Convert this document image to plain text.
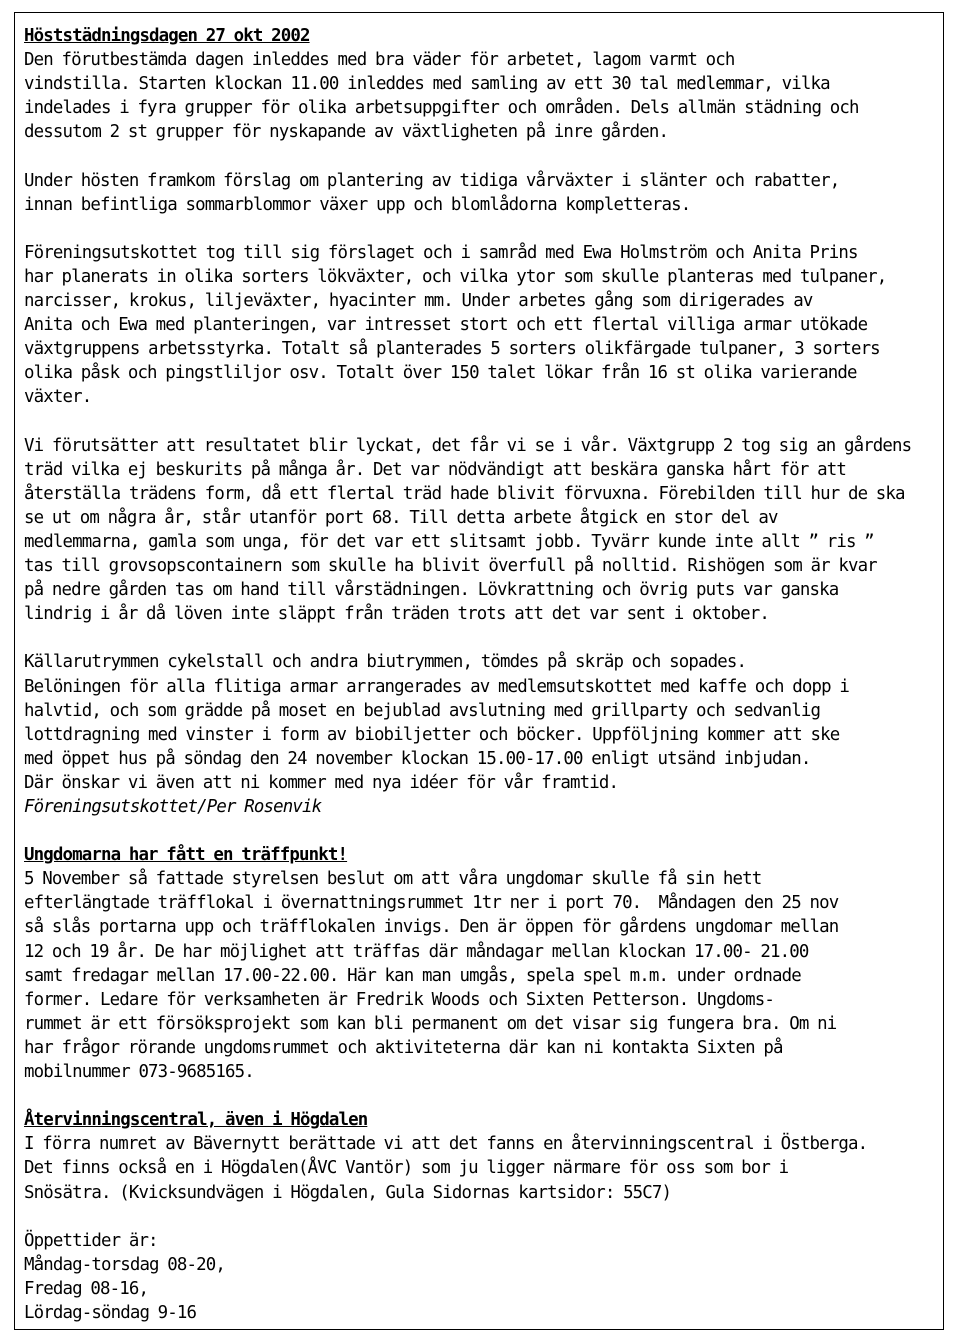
Höststädningsdagen 27 okt 2002
Den förutbestämda dagen inleddes med bra väder för arbetet, lagom varmt och
vindstilla. Starten klockan 11.00 inleddes med samling av ett 30 tal medlemmar, vilka
indelades i fyra grupper för olika arbetsuppgifter och områden. Dels allmän städning och
dessutom 2 st grupper för nyskapande av växtligheten på inre gården.
Under hösten framkom förslag om plantering av tidiga vårväxter i slänter och rabatter,
innan befintliga sommarblommor växer upp och blomlådorna kompletteras.
Föreningsutskottet tog till sig förslaget och i samråd med Ewa Holmström och Anita Prins
har planerats in olika sorters lökväxter, och vilka ytor som skulle planteras med tulpaner,
narcisser, krokus, liljeväxter, hyacinter mm. Under arbetes gång som dirigerades av
Anita och Ewa med planteringen, var intresset stort och ett flertal villiga armar utökade
växtgruppens arbetsstyrka. Totalt så planterades 5 sorters olikfärgade tulpaner, 3 sorters
olika påsk och pingstliljor osv. Totalt över 150 talet lökar från 16 st olika varierande
växter.
Vi förutsätter att resultatet blir lyckat, det får vi se i vår. Växtgrupp 2 tog sig an gårdens
träd vilka ej beskurits på många år. Det var nödvändigt att beskära ganska hårt för att
återställa trädens form, då ett flertal träd hade blivit förvuxna. Förebilden till hur de ska
se ut om några år, står utanför port 68. Till detta arbete åtgick en stor del av
medlemmarna, gamla som unga, för det var ett slitsamt jobb. Tyvärr kunde inte allt ” ris ”
tas till grovsopscontainern som skulle ha blivit överfull på nolltid. Rishögen som är kvar
på nedre gården tas om hand till vårstädningen. Lövkrattning och övrig puts var ganska
lindrig i år då löven inte släppt från träden trots att det var sent i oktober.
Källarutrymmen cykelstall och andra biutrymmen, tömdes på skräp och sopades.
Belöningen för alla flitiga armar arrangerades av medlemsutskottet med kaffe och dopp i
halvtid, och som grädde på moset en bejublad avslutning med grillparty och sedvanlig
lottdragning med vinster i form av biobiljetter och böcker. Uppföljning kommer att ske
med öppet hus på söndag den 24 november klockan 15.00-17.00 enligt utsänd inbjudan.
Där önskar vi även att ni kommer med nya idéer för vår framtid.
Föreningsutskottet/Per Rosenvik
Ungdomarna har fått en träffpunkt!
5 November så fattade styrelsen beslut om att våra ungdomar skulle få sin hett
efterlängtade träfflokal i övernattningsrummet 1tr ner i port 70.  Måndagen den 25 nov
så slås portarna upp och träfflokalen invigs. Den är öppen för gårdens ungdomar mellan
12 och 19 år. De har möjlighet att träffas där måndagar mellan klockan 17.00- 21.00
samt fredagar mellan 17.00-22.00. Här kan man umgås, spela spel m.m. under ordnade
former. Ledare för verksamheten är Fredrik Woods och Sixten Petterson. Ungdoms-
rummet är ett försöksprojekt som kan bli permanent om det visar sig fungera bra. Om ni
har frågor rörande ungdomsrummet och aktiviteterna där kan ni kontakta Sixten på
mobilnummer 073-9685165.
Återvinningscentral, även i Högdalen
I förra numret av Bävernytt berättade vi att det fanns en återvinningscentral i Östberga.
Det finns också en i Högdalen(ÅVC Vantör) som ju ligger närmare för oss som bor i
Snösätra. (Kvicksundvägen i Högdalen, Gula Sidornas kartsidor: 55C7)
Öppettider är:
Måndag-torsdag 08-20,
Fredag 08-16,
Lördag-söndag 9-16
